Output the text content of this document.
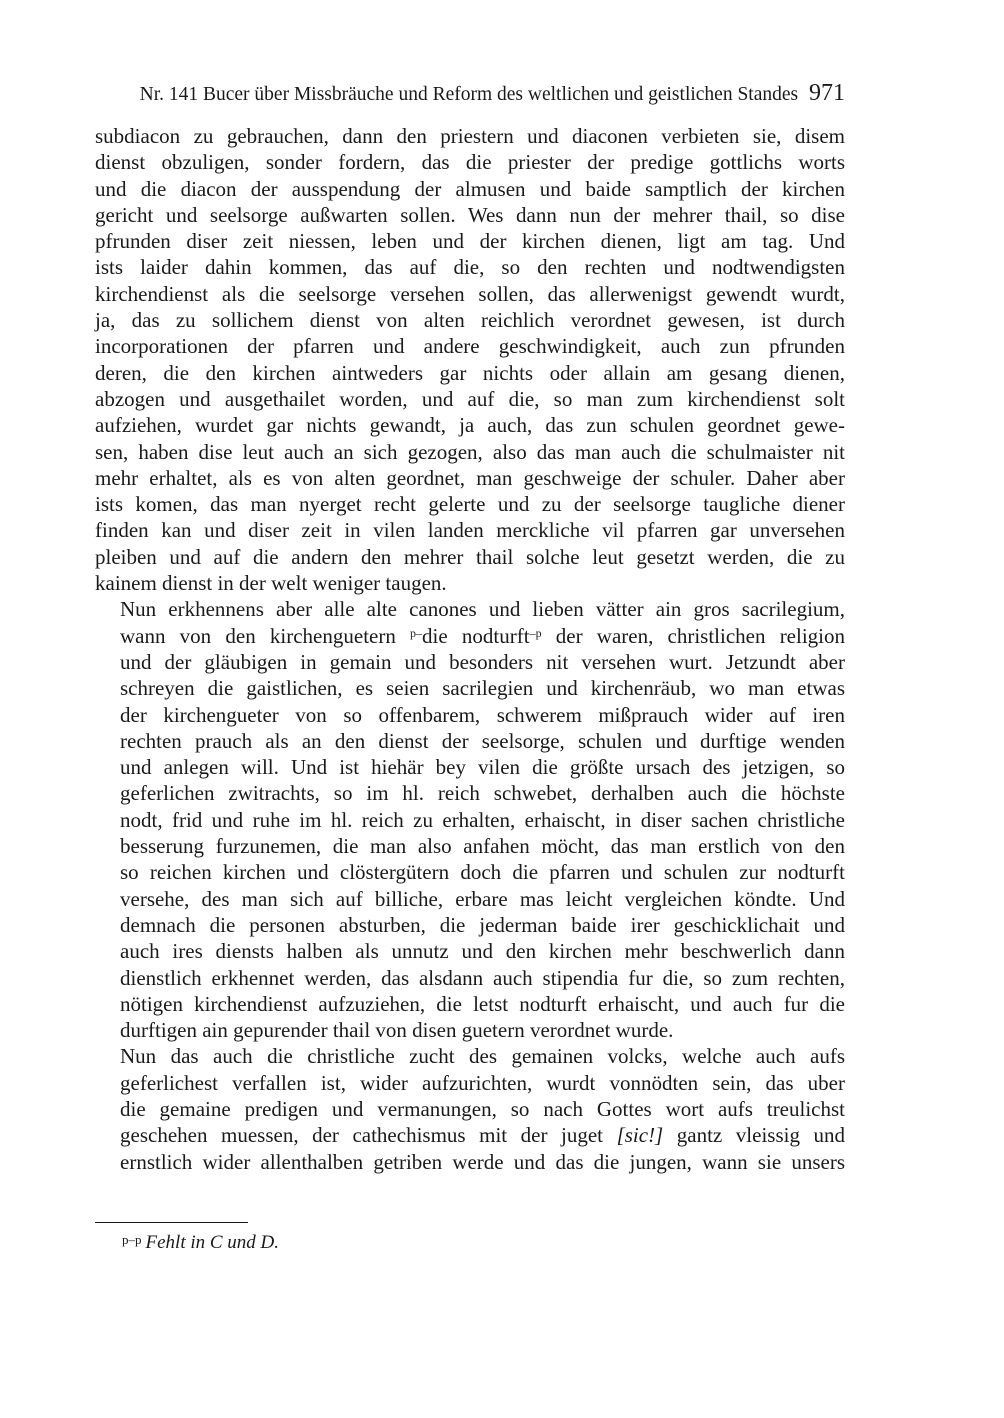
Nr. 141 Bucer über Missbräuche und Reform des weltlichen und geistlichen Standes 971
subdiacon zu gebrauchen, dann den priestern und diaconen verbieten sie, disem
dienst obzuligen, sonder fordern, das die priester der predige gottlichs worts
und die diacon der ausspendung der almusen und baide samptlich der kirchen
gericht und seelsorge außwarten sollen. Wes dann nun der mehrer thail, so dise
pfrunden diser zeit niessen, leben und der kirchen dienen, ligt am tag. Und
ists laider dahin kommen, das auf die, so den rechten und nodtwendigsten
kirchendienst als die seelsorge versehen sollen, das allerwenigst gewendt wurdt,
ja, das zu sollichem dienst von alten reichlich verordnet gewesen, ist durch
incorporationen der pfarren und andere geschwindigkeit, auch zun pfrunden
deren, die den kirchen aintweders gar nichts oder allain am gesang dienen,
abzogen und ausgethailet worden, und auf die, so man zum kirchendienst solt
aufziehen, wurdet gar nichts gewandt, ja auch, das zun schulen geordnet gewe-
sen, haben dise leut auch an sich gezogen, also das man auch die schulmaister nit
mehr erhaltet, als es von alten geordnet, man geschweige der schuler. Daher aber
ists komen, das man nyerget recht gelerte und zu der seelsorge taugliche diener
finden kan und diser zeit in vilen landen merckliche vil pfarren gar unversehen
pleiben und auf die andern den mehrer thail solche leut gesetzt werden, die zu
kainem dienst in der welt weniger taugen.
Nun erkhennens aber alle alte canones und lieben vätter ain gros sacrilegium,
wann von den kirchenguetern $^{p-}$die nodturft$^{-p}$ der waren, christlichen religion
und der gläubigen in gemain und besonders nit versehen wurt. Jetzundt aber
schreyen die gaistlichen, es seien sacrilegien und kirchenräub, wo man etwas
der kirchengueter von so offenbarem, schwerem mißprauch wider auf iren
rechten prauch als an den dienst der seelsorge, schulen und durftige wenden
und anlegen will. Und ist hiehär bey vilen die größte ursach des jetzigen, so
geferlichen zwitrachts, so im hl. reich schwebet, derhalben auch die höchste
nodt, frid und ruhe im hl. reich zu erhalten, erhaischt, in diser sachen christliche
besserung furzunemen, die man also anfahen möcht, das man erstlich von den
so reichen kirchen und clöstergütern doch die pfarren und schulen zur nodturft
versehe, des man sich auf billiche, erbare mas leicht vergleichen köndte. Und
demnach die personen absturben, die jederman baide irer geschicklichait und
auch ires diensts halben als unnutz und den kirchen mehr beschwerlich dann
dienstlich erkhennet werden, das alsdann auch stipendia fur die, so zum rechten,
nötigen kirchendienst aufzuziehen, die letst nodturft erhaischt, und auch fur die
durftigen ain gepurender thail von disen guetern verordnet wurde.
Nun das auch die christliche zucht des gemainen volcks, welche auch aufs
geferlichest verfallen ist, wider aufzurichten, wurdt vonnödten sein, das uber
die gemaine predigen und vermanungen, so nach Gottes wort aufs treulichst
geschehen muessen, der cathechismus mit der juget [sic!] gantz vleissig und
ernstlich wider allenthalben getriben werde und das die jungen, wann sie unsers
$^{p-p}$ Fehlt in C und D.
